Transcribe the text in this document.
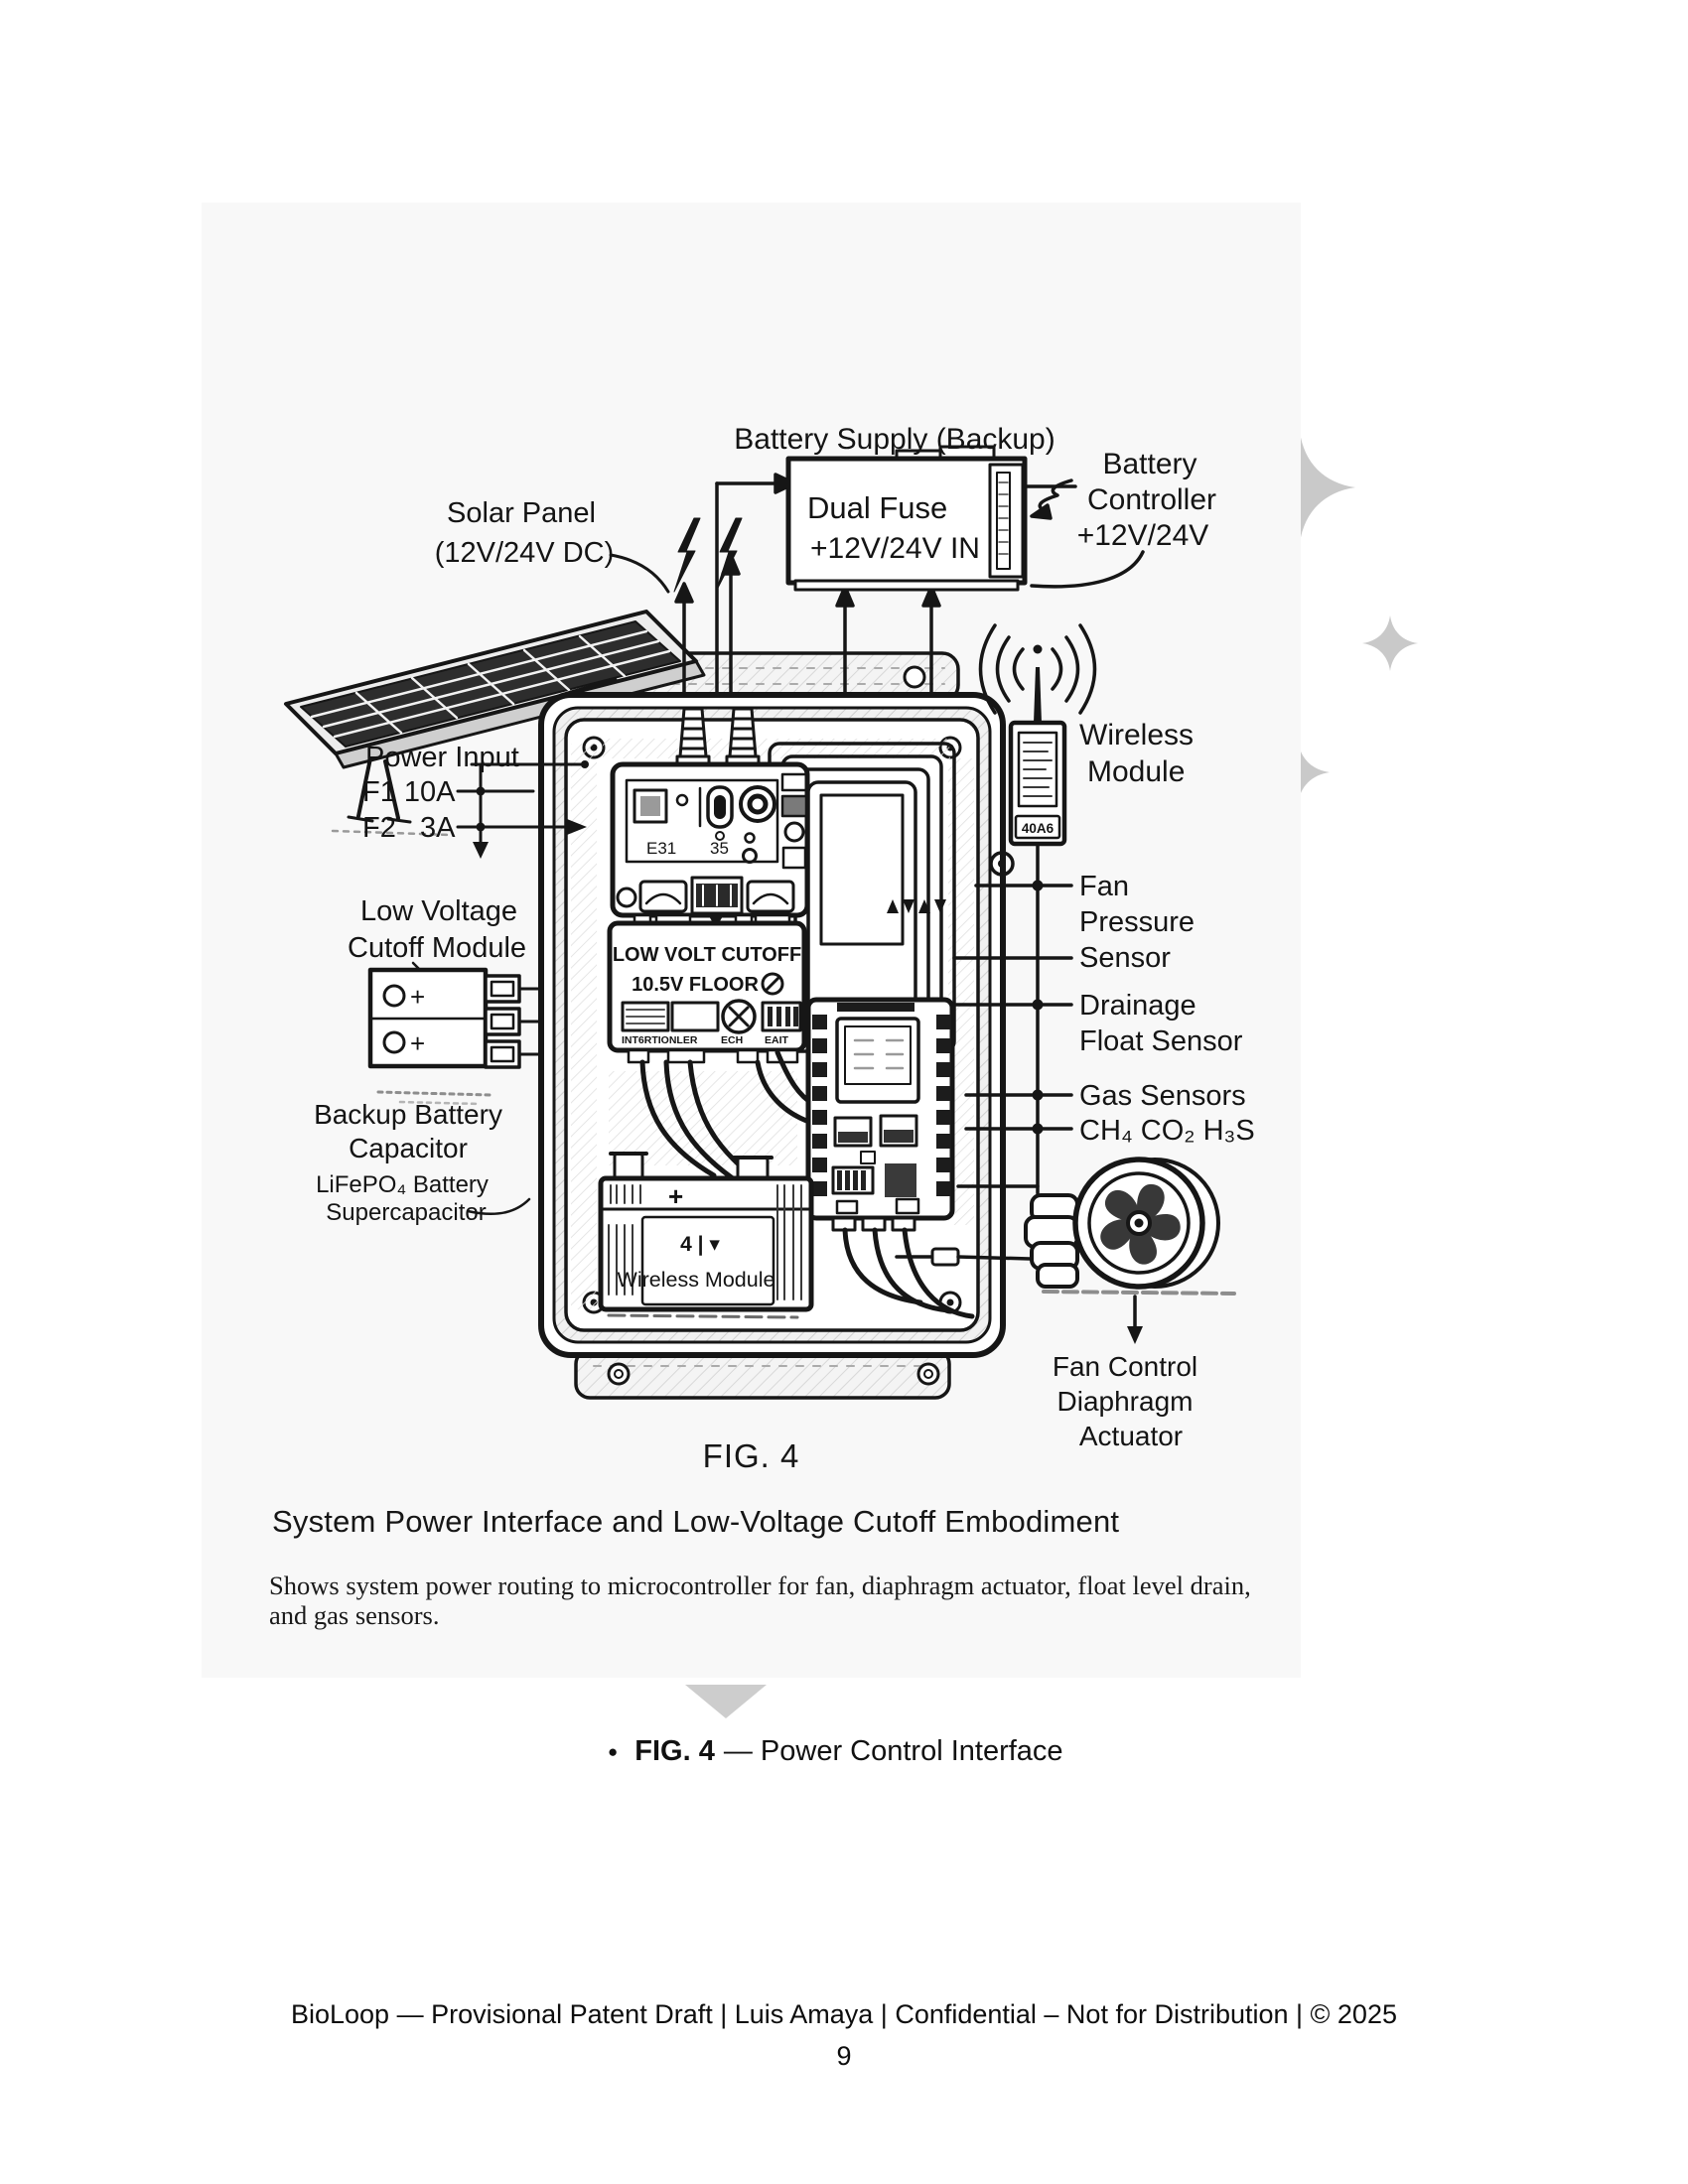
Dual Fuse
+12V/24V IN
E31 35
LOW VOLT CUTOFF
10.5V FLOOR
INT6RTIONLER ECH EAIT
+
4 | ▾
Wireless Module
+
+
40A6
Battery Supply (Backup)
Solar Panel
(12V/24V DC)
Battery
Controller
+12V/24V
Power Input
F1 10A
F2   3A
Low Voltage
Cutoff Module
Backup Battery
Capacitor
LiFePO₄ Battery
Supercapacitor
Wireless
Module
Fan
Pressure
Sensor
Drainage
Float Sensor
Gas Sensors
CH₄ CO₂ H₃S
Fan Control
Diaphragm
Actuator
FIG. 4
System Power Interface and Low-Voltage Cutoff Embodiment
Shows system power routing to microcontroller for fan, diaphragm actuator, float level drain, and gas sensors.
● FIG. 4 — Power Control Interface
BioLoop — Provisional Patent Draft | Luis Amaya | Confidential – Not for Distribution | © 2025
9
